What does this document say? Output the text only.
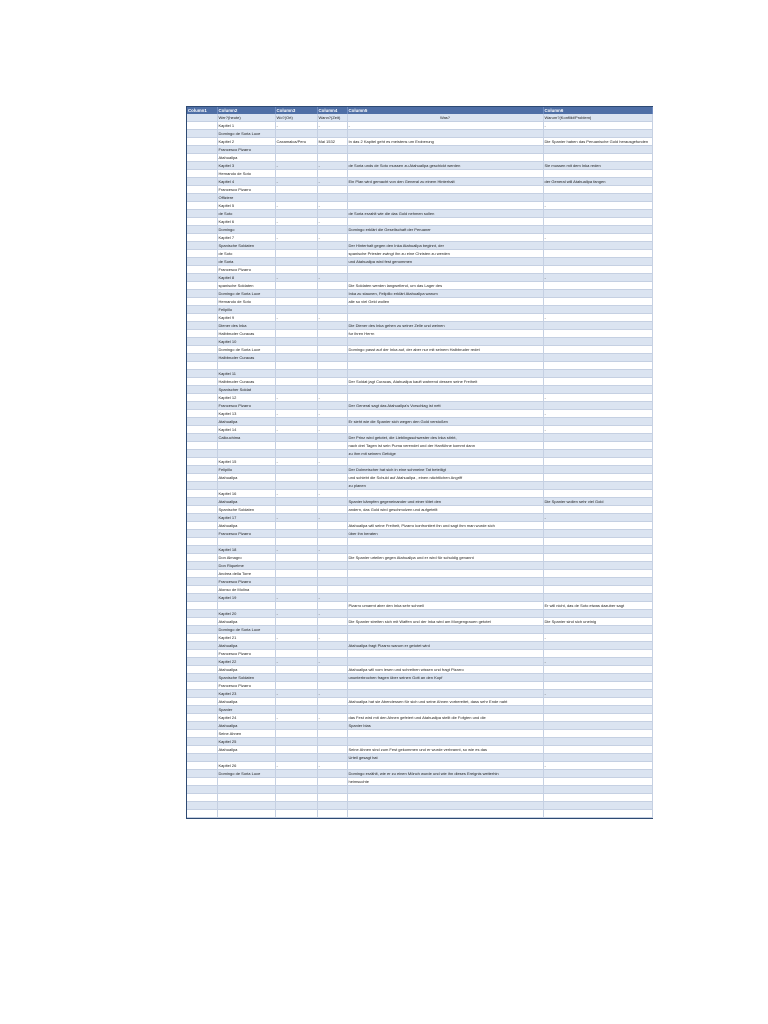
Column1	Column2	Column3	Column4	Column5	Column6
	Wer?(heute)	Wo?(Ort)	Wann?(Zeit)	Was?	Warum?(Konflikt/Problem)
	Kapitel 1	-	-	-	-
	Domingo de Soria Luce				
	Kapitel 2	Caxamalca/Peru	Mai 1532	In das 2 Kapitel geht es meistens um Eroberung	Die Spanier haben das Peruanische Gold herausgefunden
	Francesco Pizarro				
	Atahuallpa				
	Kapitel 3	-	-	de Soria unds de Soto mussen zu Atahuallpa geschickt werden	Sie mussen mit dem Inka reden
	Hernando de Soto				
	Kapitel 4	-	-	Ein Plan wird gemacht von den General zu einem Hinterhalt	der General will Atahuallpa fangen
	Francesco Pizarro				
	Offiziere				
	Kapitel 5	-	-		-
	de Soto			de Soria erzahlt wie die das Gold nehmen sollen	
	Kapitel 6	-	-		
	Domingo			Domingo erklärt die Gesellschaft der Peruaner	
	Kapitel 7	-	-		-
	Spanische Soldaten			Der Hinterhalt gegen den Inka Atahuallpa beginnt, der	
	de Soto			spanische Priester zwingt ihn zu eine Christen zu werden	
	de Soria			und Atahuallpa wird fest genommen	
	Francesco Pizarro				
	Kapitel 8	-	-		-
	spanische Soldaten			Die Soldaten werden langweilend, um das Lager des	
	Domingo de Soria Luce			Inka zu staunen, Felipillo erklärt Atahuallpa warum	
	Hernando de Soto			alle so viel Geld wollen	
	Felipillo				
	Kapitel 9	-	-		-
	Diener des Inka			Die Diener des Inka gehen zu seiner Zelle und weinen	
	Halbbruder Curacas			fur ihren Herrn	
	Kapitel 10				
	Domingo de Soria Luce			Domingo passt auf der Inka auf, der aber nur mit seinem Halbbruder redet	
	Halbbruder Curacas				

	Kapitel 11				
	Halbbruder Curacas			Der Soldat jagt Curacas, Atahuallpa kauft wahrend dessen seine Freiheit	
	Spanischer Soldat				
	Kapitel 12	-	-		-
	Francesco Pizarro			Der General sagt das Atahuallpa's Vorschlag ist nett	
	Kapitel 13	-	-		-
	Atahuallpa			Er sieht wie die Spanier sich wegen den Gold verstoßen	
	Kapitel 14	-	-		-
	Callcuchima			Der Prinz wird getotet, die Lieblingsschwester des Inka stirbt,	
				nach drei Tagen ist sein Puma verendet und der Hanfühne kommt dann	
				zu ihm mit seinem Gefolge	
	Kapitel 15	-	-		
	Felipillo			Der Dolmetscher hat sich in eine schmeine Tat beteiligt	
	Atahuallpa			und schiebt die Schuld auf Atahuallpa , einen nächtlichen Angriff	
				zu planen	
	Kapitel 16	-	-		
	Atahuallpa			Spanier kämpfen gegeneinander und einer tötet den	Die Spanier wollen sehr viel Gold
	Spanische Soldaten			andern, das Gold wird geschmolzen und aufgeteilt	
	Kapitel 17	-	-		-
	Atahuallpa			Atahuallpa will seine Freiheit, Pizarro konfrontiert ihn und sagt ihm man wurde sich	
	Francesco Pizarro			über ihn beraten	

	Kapitel 18	-	-		
	Don Almagro			Die Spanier urteilen gegen Atahuallpa und er wird für schuldig genannt	
	Don Riquelme				
	Andrea della Torre				
	Francesco Pizarro				
	Alonso de Molina				
	Kapitel 19	-	-		
				Pizarro umarmt aber den Inka sehr schnell	Er will nicht, das de Soto etwas dazuber sagt
	Kapitel 20	-	-		
	Atahuallpa			Die Spanier streiten sich mit Waffen und der Inka wird am Morgengrauen getotet	Die Spanier sind sich uneinig
	Domingo de Soria Luce				
	Kapitel 21	-	-		-
	Atahuallpa			Atahuallpa fragt Pizarro warum er getotet wird	
	Francesco Pizarro				
	Kapitel 22	-	-		-
	Atahuallpa			Atahuallpa will vom lesen und schreiben wissen und fragt Pizarro	
	Spanische Soldaten			ununterbrochen fragen über seinen Gott an den Kopf	
	Francesco Pizarro				
	Kapitel 23	-	-		-
	Atahuallpa			Atahuallpa hat sie Abendessen für sich und seine Ahnen vorbereitet, dass sehr Ende naht	
	Spanier				
	Kapitel 24	-	-	das Fest wird mit den Ahnen gefeiert und Atahuallpa stellt die Fofgten und die	
	Atahuallpa			Spanier bias	
	Seine Ahnen				
	Kapitel 25				
	Atahuallpa			Seine Ahnen sind zum Fest gekommen und er wurde verbrannt, so wie es das	
				Urteil gesagt hat	
	Kapitel 26	-	-		-
	Domingo de Soria Luce			Domingo erzählt, wie er zu einen Mönch wurde und wie ihn dieses Ereignis weiterhin	
				heimsuchte	
